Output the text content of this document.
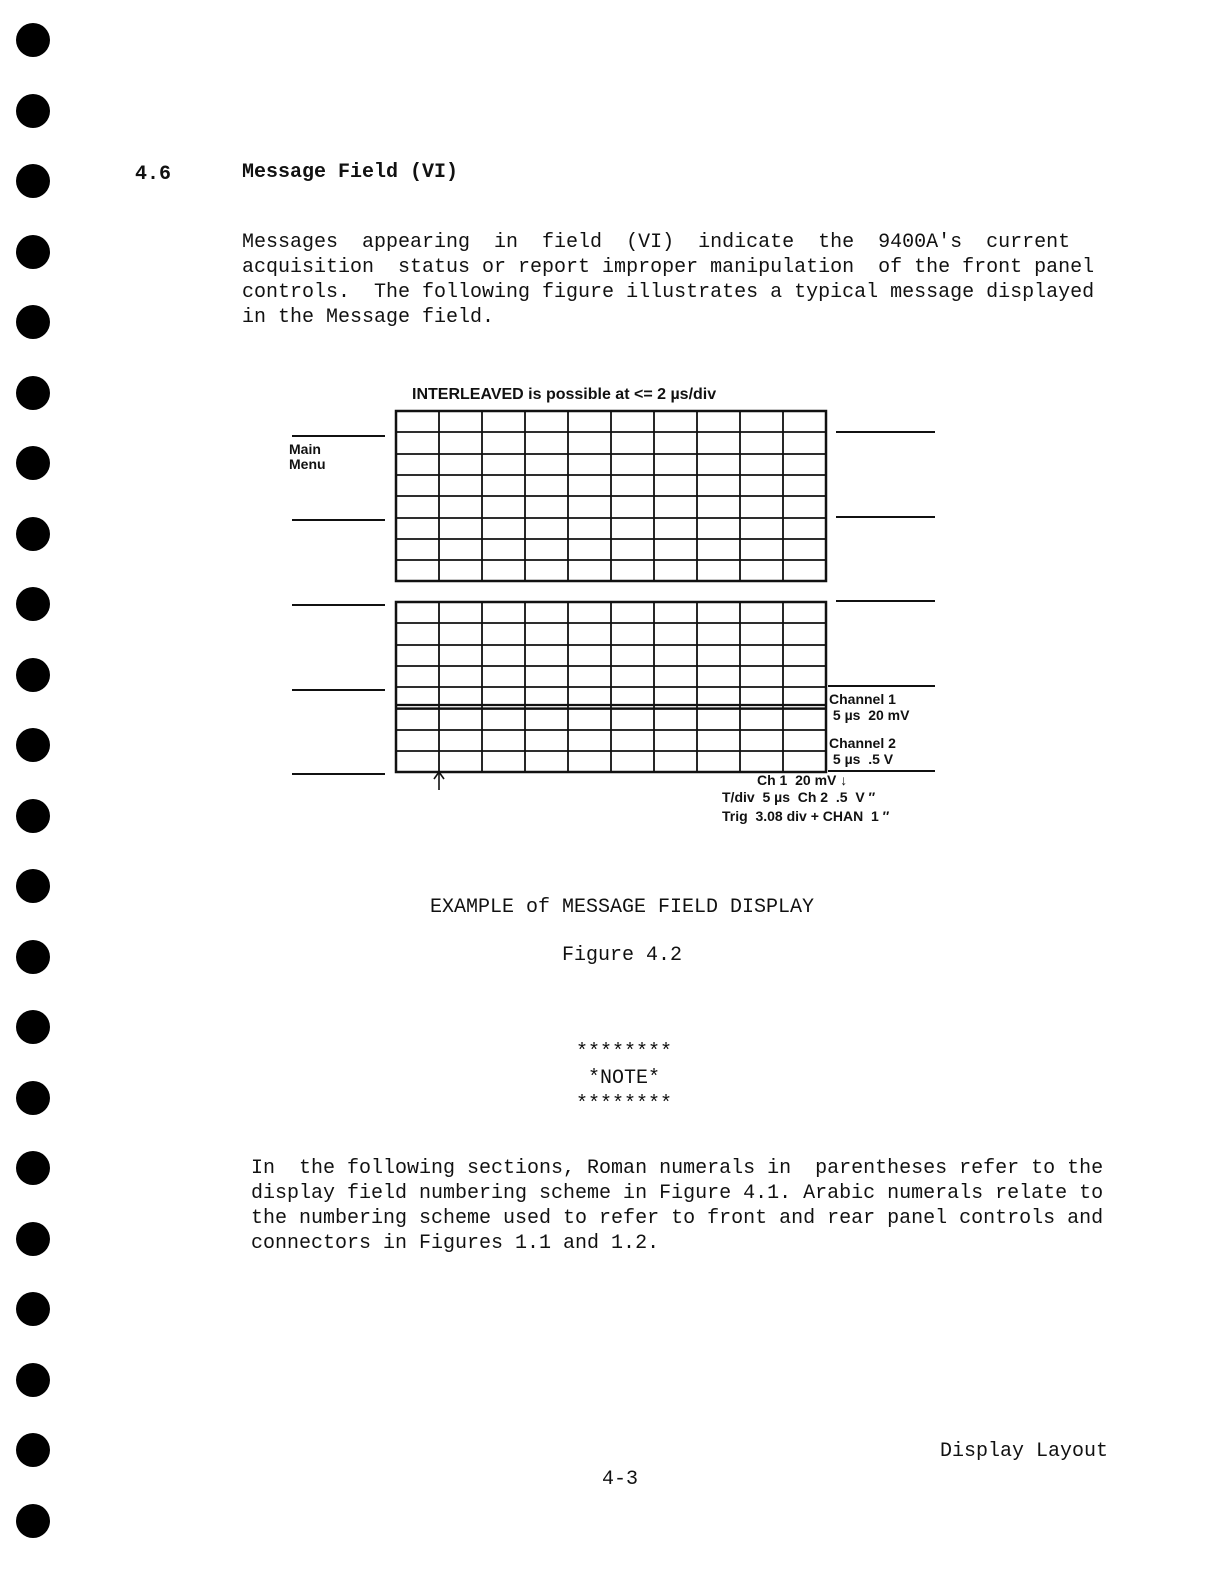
4.6	Message Field (VI)
Messages  appearing  in  field  (VI)  indicate  the  9400A's  current
acquisition  status or report improper manipulation  of the front panel
controls.  The following figure illustrates a typical message displayed
in the Message field.
INTERLEAVED is possible at <= 2 µs/div
Main
Menu
Channel 1
5 µs  20 mV
Channel 2
5 µs  .5 V
Ch 1  20 mV ↓
T/div  5 µs  Ch 2  .5  V ″
Trig  3.08 div + CHAN  1 ″
EXAMPLE of MESSAGE FIELD DISPLAY
Figure 4.2
********
*NOTE*
********
In  the following sections, Roman numerals in  parentheses refer to the
display field numbering scheme in Figure 4.1. Arabic numerals relate to
the numbering scheme used to refer to front and rear panel controls and
connectors in Figures 1.1 and 1.2.
Display Layout
4-3
